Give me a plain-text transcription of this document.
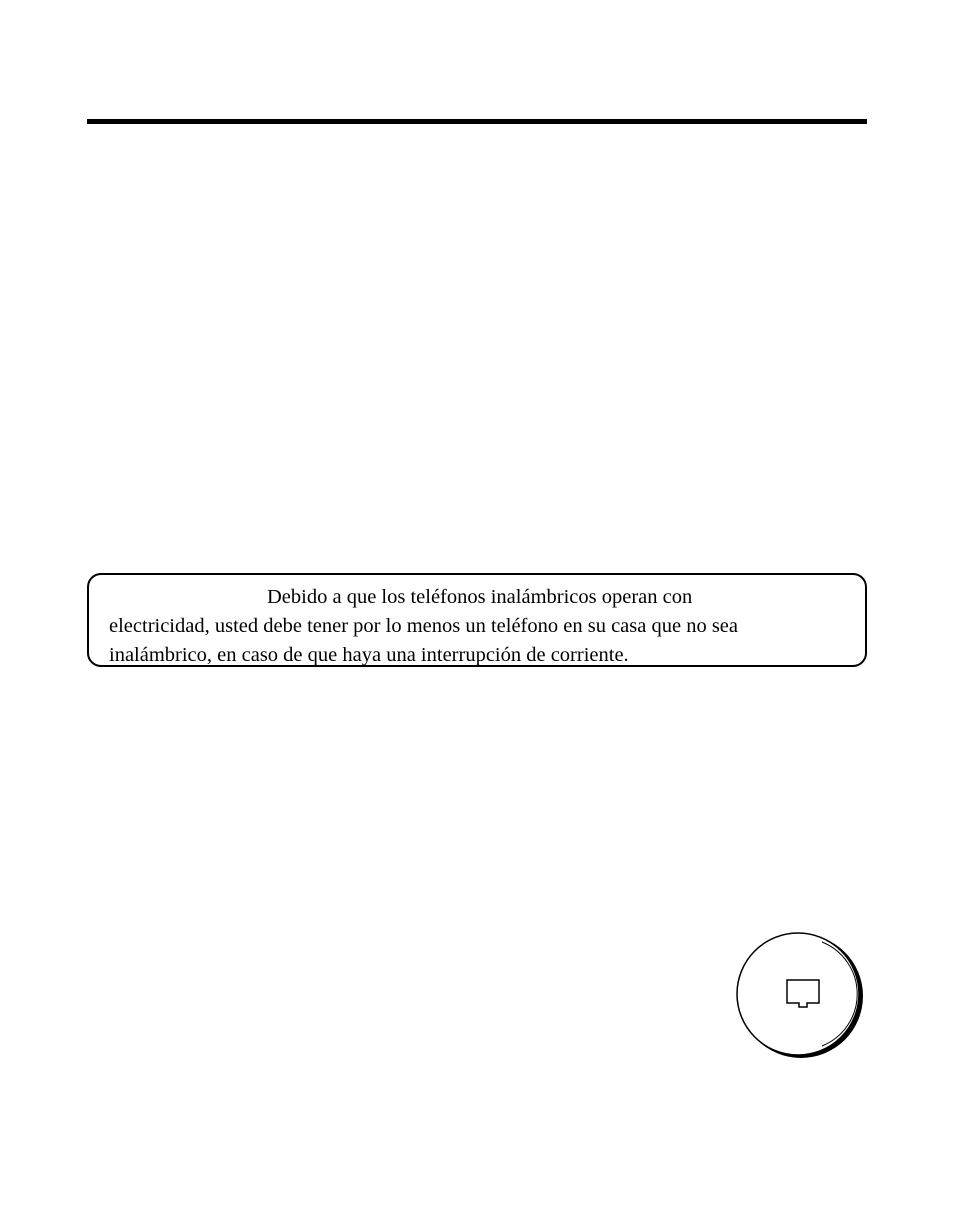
Debido a que los teléfonos inalámbricos operan con
electricidad, usted debe tener por lo menos un teléfono en su casa que no sea
inalámbrico, en caso de que haya una interrupción de corriente.
